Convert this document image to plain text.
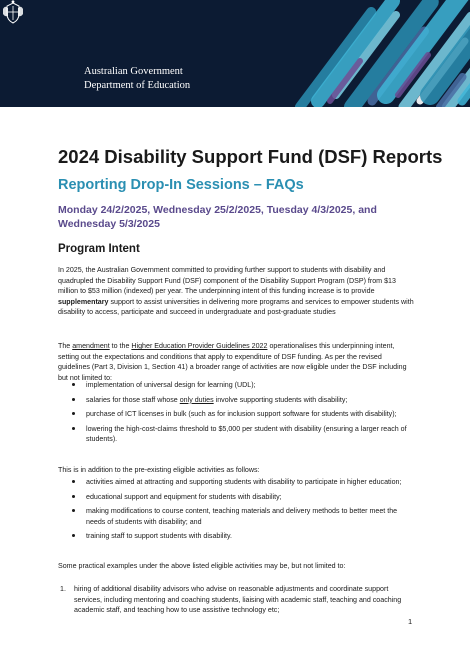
Australian Government
Department of Education
2024 Disability Support Fund (DSF) Reports
Reporting Drop-In Sessions – FAQs

Monday 24/2/2025, Wednesday 25/2/2025, Tuesday 4/3/2025, and Wednesday 5/3/2025

Program Intent

In 2025, the Australian Government committed to providing further support to students with disability and quadrupled the Disability Support Fund (DSF) component of the Disability Support Program (DSP) from $13 million to $53 million (indexed) per year. The underpinning intent of this funding increase is to provide supplementary support to assist universities in delivering more programs and services to empower students with disability to access, participate and succeed in undergraduate and post-graduate studies

The amendment to the Higher Education Provider Guidelines 2022 operationalises this underpinning intent, setting out the expectations and conditions that apply to expenditure of DSF funding. As per the revised guidelines (Part 3, Division 1, Section 41) a broader range of activities are now eligible under the DSF including but not limited to:

implementation of universal design for learning (UDL);
salaries for those staff whose only duties involve supporting students with disability;
purchase of ICT licenses in bulk (such as for inclusion support software for students with disability);
lowering the high-cost-claims threshold to $5,000 per student with disability (ensuring a larger reach of students).

This is in addition to the pre-existing eligible activities as follows:

activities aimed at attracting and supporting students with disability to participate in higher education;
educational support and equipment for students with disability;
making modifications to course content, teaching materials and delivery methods to better meet the needs of students with disability; and
training staff to support students with disability.

Some practical examples under the above listed eligible activities may be, but not limited to:

1. hiring of additional disability advisors who advise on reasonable adjustments and coordinate support services, including mentoring and coaching students, liaising with academic staff, teaching and coaching academic staff, and teaching how to use assistive technology etc;
1
